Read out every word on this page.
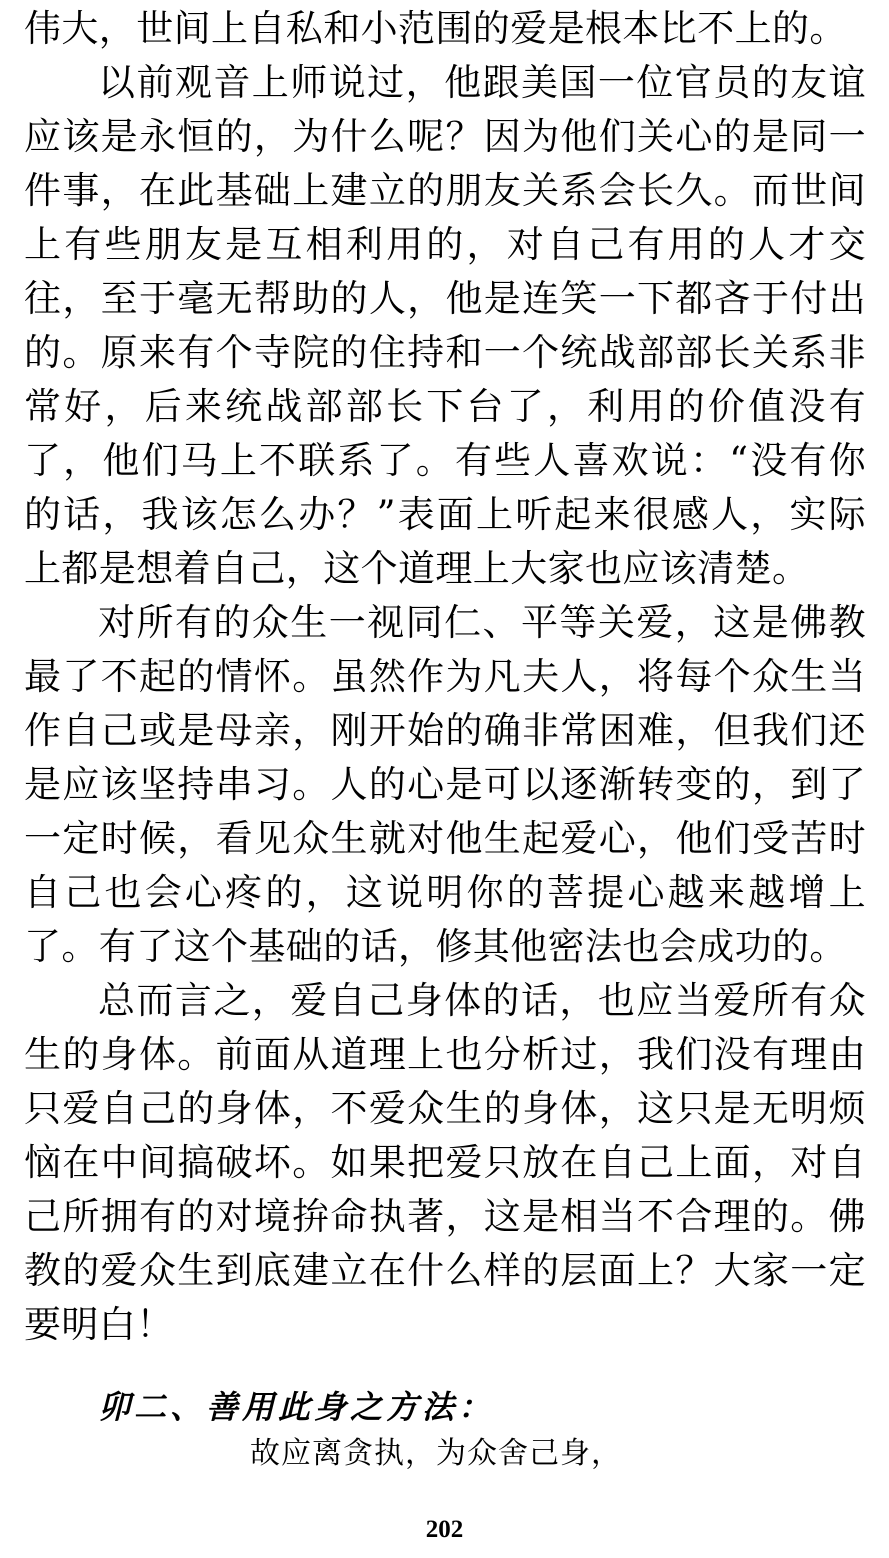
伟大，世间上自私和小范围的爱是根本比不上的。

以前观音上师说过，他跟美国一位官员的友谊应该是永恒的，为什么呢？因为他们关心的是同一件事，在此基础上建立的朋友关系会长久。而世间上有些朋友是互相利用的，对自己有用的人才交往，至于毫无帮助的人，他是连笑一下都吝于付出的。原来有个寺院的住持和一个统战部部长关系非常好，后来统战部部长下台了，利用的价值没有了，他们马上不联系了。有些人喜欢说：“没有你的话，我该怎么办？”表面上听起来很感人，实际上都是想着自己，这个道理上大家也应该清楚。

对所有的众生一视同仁、平等关爱，这是佛教最了不起的情怀。虽然作为凡夫人，将每个众生当作自己或是母亲，刚开始的确非常困难，但我们还是应该坚持串习。人的心是可以逐渐转变的，到了一定时候，看见众生就对他生起爱心，他们受苦时自己也会心疼的，这说明你的菩提心越来越增上了。有了这个基础的话，修其他密法也会成功的。

总而言之，爱自己身体的话，也应当爱所有众生的身体。前面从道理上也分析过，我们没有理由只爱自己的身体，不爱众生的身体，这只是无明烦恼在中间搞破坏。如果把爱只放在自己上面，对自己所拥有的对境拚命执著，这是相当不合理的。佛教的爱众生到底建立在什么样的层面上？大家一定要明白！

卯二、善用此身之方法：

故应离贪执，为众舍己身，

202
